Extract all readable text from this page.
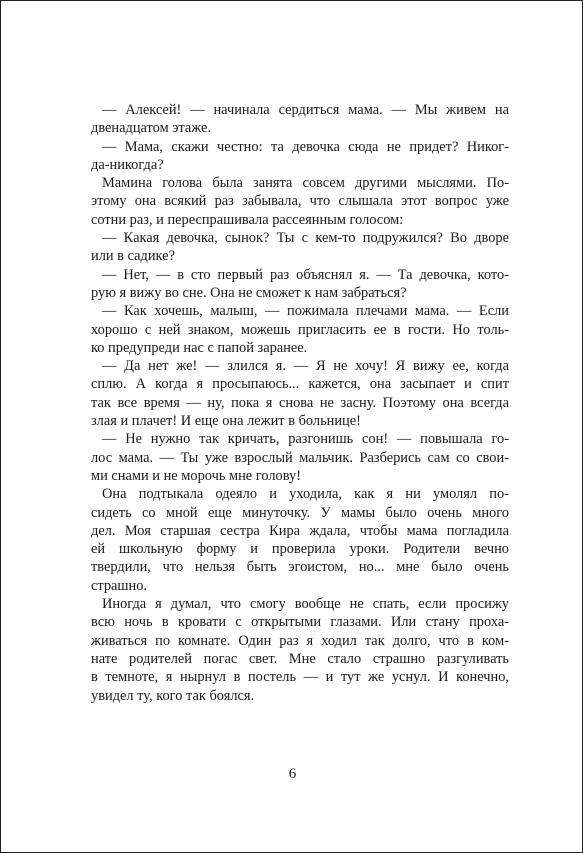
— Алексей! — начинала сердиться мама. — Мы живем на
двенадцатом этаже.
— Мама, скажи честно: та девочка сюда не придет? Никог-
да-никогда?
Мамина голова была занята совсем другими мыслями. По-
этому она всякий раз забывала, что слышала этот вопрос уже
сотни раз, и переспрашивала рассеянным голосом:
— Какая девочка, сынок? Ты с кем-то подружился? Во дворе
или в садике?
— Нет, — в сто первый раз объяснял я. — Та девочка, кото-
рую я вижу во сне. Она не сможет к нам забраться?
— Как хочешь, малыш, — пожимала плечами мама. — Если
хорошо с ней знаком, можешь пригласить ее в гости. Но толь-
ко предупреди нас с папой заранее.
— Да нет же! — злился я. — Я не хочу! Я вижу ее, когда
сплю. А когда я просыпаюсь... кажется, она засыпает и спит
так все время — ну, пока я снова не засну. Поэтому она всегда
злая и плачет! И еще она лежит в больнице!
— Не нужно так кричать, разгонишь сон! — повышала го-
лос мама. — Ты уже взрослый мальчик. Разберись сам со свои-
ми снами и не морочь мне голову!
Она подтыкала одеяло и уходила, как я ни умолял по-
сидеть со мной еще минуточку. У мамы было очень много
дел. Моя старшая сестра Кира ждала, чтобы мама погладила
ей школьную форму и проверила уроки. Родители вечно
твердили, что нельзя быть эгоистом, но... мне было очень
страшно.
Иногда я думал, что смогу вообще не спать, если просижу
всю ночь в кровати с открытыми глазами. Или стану проха-
живаться по комнате. Один раз я ходил так долго, что в ком-
нате родителей погас свет. Мне стало страшно разгуливать
в темноте, я нырнул в постель — и тут же уснул. И конечно,
увидел ту, кого так боялся.
6
